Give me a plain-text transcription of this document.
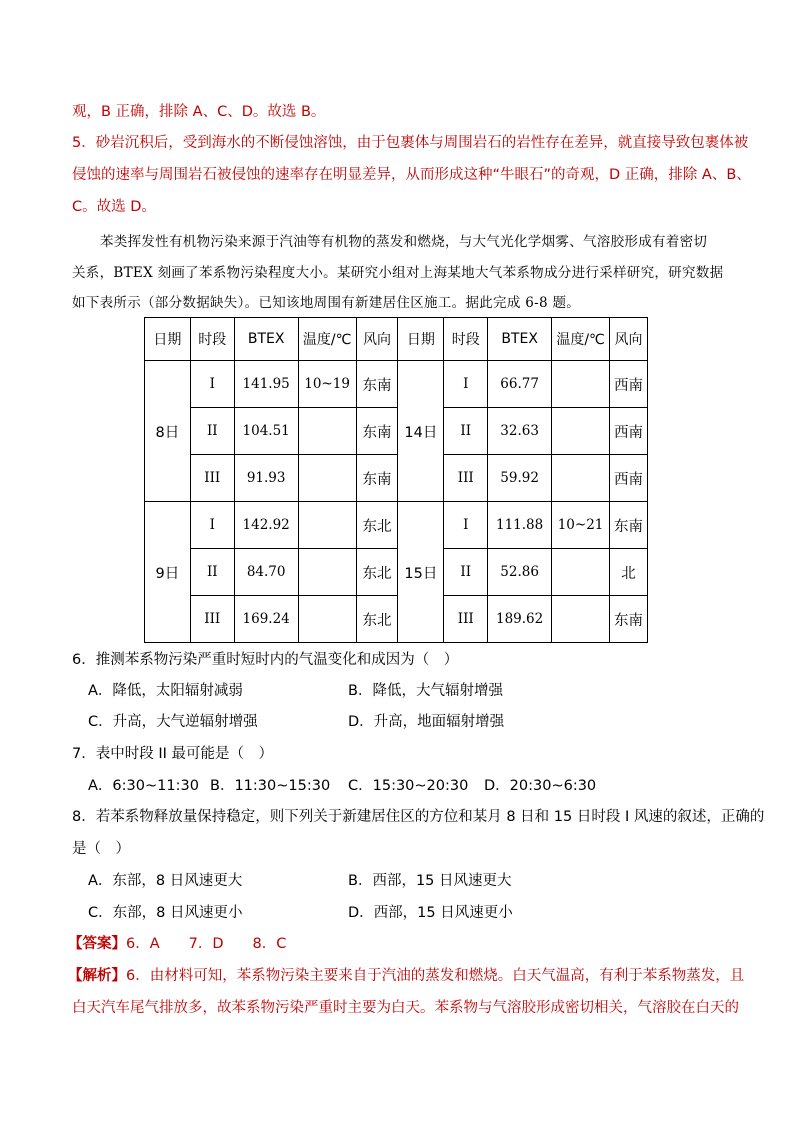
观，B 正确，排除 A、C、D。故选 B。
5．砂岩沉积后，受到海水的不断侵蚀溶蚀，由于包裹体与周围岩石的岩性存在差异，就直接导致包裹体被
侵蚀的速率与周围岩石被侵蚀的速率存在明显差异，从而形成这种“牛眼石”的奇观，D 正确，排除 A、B、
C。故选 D。
苯类挥发性有机物污染来源于汽油等有机物的蒸发和燃烧，与大气光化学烟雾、气溶胶形成有着密切
关系，BTEX 刻画了苯系物污染程度大小。某研究小组对上海某地大气苯系物成分进行采样研究，研究数据
如下表所示（部分数据缺失）。已知该地周围有新建居住区施工。据此完成 6-8 题。
日期	时段	BTEX	温度/℃	风向	日期	时段	BTEX	温度/℃	风向
8日	I	141.95	10~19	东南	14日	I	66.77		西南
	II	104.51		东南		II	32.63		西南
	III	91.93		东南		III	59.92		西南
9日	I	142.92		东北	15日	I	111.88	10~21	东南
	II	84.70		东北		II	52.86		北
	III	169.24		东北		III	189.62		东南
6．推测苯系物污染严重时短时内的气温变化和成因为（　）
A．降低，太阳辐射减弱	B．降低，大气辐射增强
C．升高，大气逆辐射增强	D．升高，地面辐射增强
7．表中时段 II 最可能是（　）
A．6:30~11:30 B．11:30~15:30 C．15:30~20:30 D．20:30~6:30
8．若苯系物释放量保持稳定，则下列关于新建居住区的方位和某月 8 日和 15 日时段 I 风速的叙述，正确的
是（　）
A．东部，8 日风速更大	B．西部，15 日风速更大
C．东部，8 日风速更小	D．西部，15 日风速更小
【答案】6．A　　7．D　　8．C
【解析】6．由材料可知，苯系物污染主要来自于汽油的蒸发和燃烧。白天气温高，有利于苯系物蒸发，且
白天汽车尾气排放多，故苯系物污染严重时主要为白天。苯系物与气溶胶形成密切相关，气溶胶在白天的
